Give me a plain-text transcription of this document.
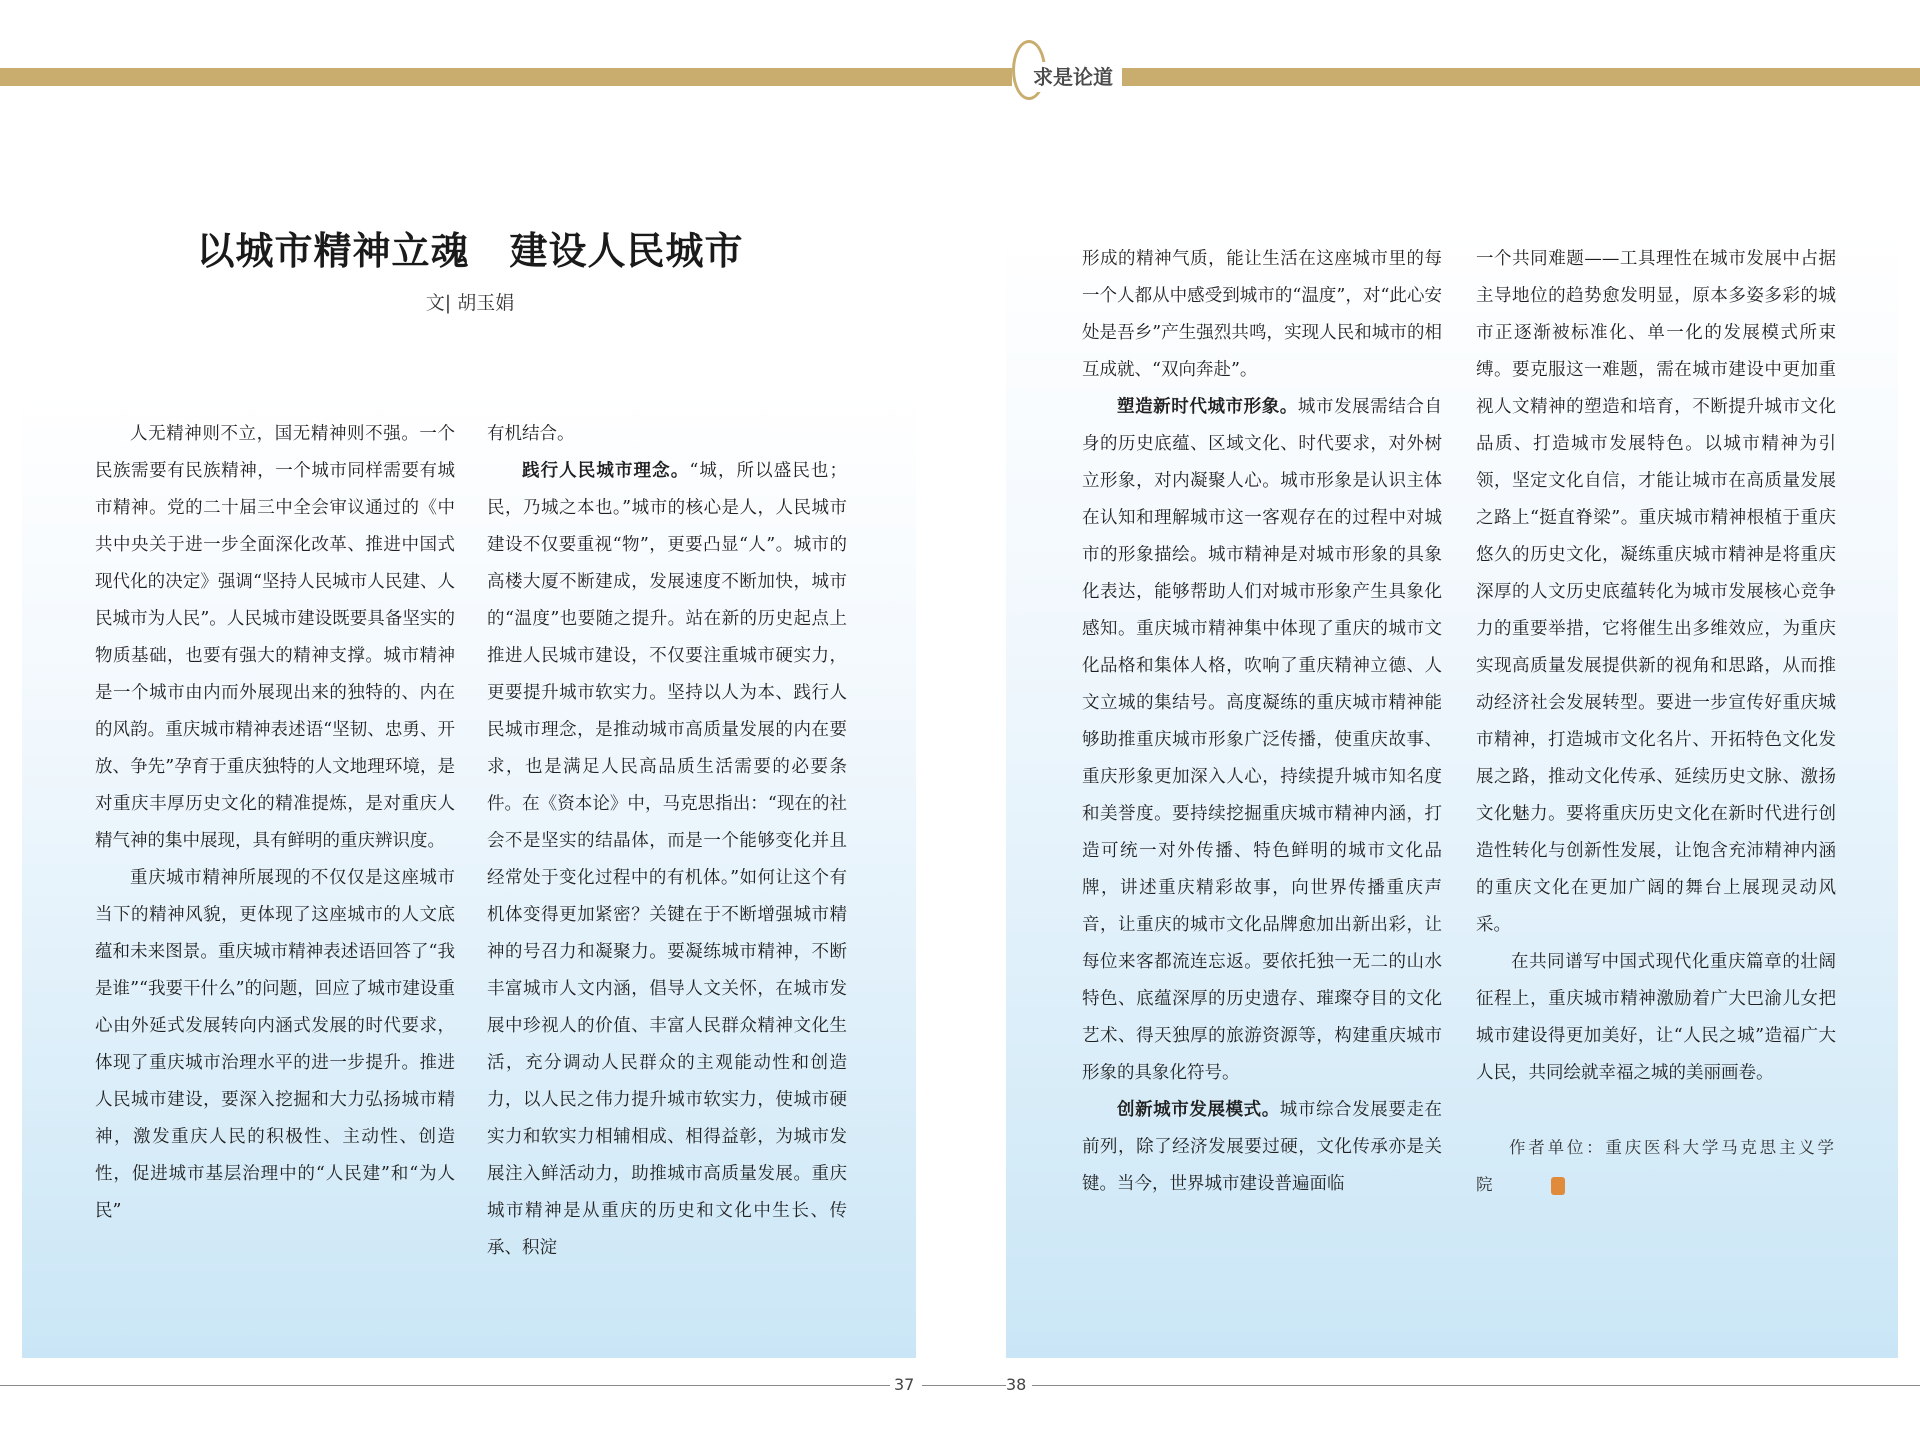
求是论道
以城市精神立魂 建设人民城市
文| 胡玉娟

人无精神则不立，国无精神则不强。一个民族需要有民族精神，一个城市同样需要有城市精神。党的二十届三中全会审议通过的《中共中央关于进一步全面深化改革、推进中国式现代化的决定》强调“坚持人民城市人民建、人民城市为人民”。人民城市建设既要具备坚实的物质基础，也要有强大的精神支撑。城市精神是一个城市由内而外展现出来的独特的、内在的风韵。重庆城市精神表述语“坚韧、忠勇、开放、争先”孕育于重庆独特的人文地理环境，是对重庆丰厚历史文化的精准提炼，是对重庆人精气神的集中展现，具有鲜明的重庆辨识度。

重庆城市精神所展现的不仅仅是这座城市当下的精神风貌，更体现了这座城市的人文底蕴和未来图景。重庆城市精神表述语回答了“我是谁”“我要干什么”的问题，回应了城市建设重心由外延式发展转向内涵式发展的时代要求，体现了重庆城市治理水平的进一步提升。推进人民城市建设，要深入挖掘和大力弘扬城市精神，激发重庆人民的积极性、主动性、创造性，促进城市基层治理中的“人民建”和“为人民”

有机结合。

践行人民城市理念。“城，所以盛民也；民，乃城之本也。”城市的核心是人，人民城市建设不仅要重视“物”，更要凸显“人”。城市的高楼大厦不断建成，发展速度不断加快，城市的“温度”也要随之提升。站在新的历史起点上推进人民城市建设，不仅要注重城市硬实力，更要提升城市软实力。坚持以人为本、践行人民城市理念，是推动城市高质量发展的内在要求，也是满足人民高品质生活需要的必要条件。在《资本论》中，马克思指出：“现在的社会不是坚实的结晶体，而是一个能够变化并且经常处于变化过程中的有机体。”如何让这个有机体变得更加紧密？关键在于不断增强城市精神的号召力和凝聚力。要凝练城市精神，不断丰富城市人文内涵，倡导人文关怀，在城市发展中珍视人的价值、丰富人民群众精神文化生活，充分调动人民群众的主观能动性和创造力，以人民之伟力提升城市软实力，使城市硬实力和软实力相辅相成、相得益彰，为城市发展注入鲜活动力，助推城市高质量发展。重庆城市精神是从重庆的历史和文化中生长、传承、积淀

形成的精神气质，能让生活在这座城市里的每一个人都从中感受到城市的“温度”，对“此心安处是吾乡”产生强烈共鸣，实现人民和城市的相互成就、“双向奔赴”。

塑造新时代城市形象。城市发展需结合自身的历史底蕴、区域文化、时代要求，对外树立形象，对内凝聚人心。城市形象是认识主体在认知和理解城市这一客观存在的过程中对城市的形象描绘。城市精神是对城市形象的具象化表达，能够帮助人们对城市形象产生具象化感知。重庆城市精神集中体现了重庆的城市文化品格和集体人格，吹响了重庆精神立德、人文立城的集结号。高度凝练的重庆城市精神能够助推重庆城市形象广泛传播，使重庆故事、重庆形象更加深入人心，持续提升城市知名度和美誉度。要持续挖掘重庆城市精神内涵，打造可统一对外传播、特色鲜明的城市文化品牌，讲述重庆精彩故事，向世界传播重庆声音，让重庆的城市文化品牌愈加出新出彩，让每位来客都流连忘返。要依托独一无二的山水特色、底蕴深厚的历史遗存、璀璨夺目的文化艺术、得天独厚的旅游资源等，构建重庆城市形象的具象化符号。

创新城市发展模式。城市综合发展要走在前列，除了经济发展要过硬，文化传承亦是关键。当今，世界城市建设普遍面临

一个共同难题——工具理性在城市发展中占据主导地位的趋势愈发明显，原本多姿多彩的城市正逐渐被标准化、单一化的发展模式所束缚。要克服这一难题，需在城市建设中更加重视人文精神的塑造和培育，不断提升城市文化品质、打造城市发展特色。以城市精神为引领，坚定文化自信，才能让城市在高质量发展之路上“挺直脊梁”。重庆城市精神根植于重庆悠久的历史文化，凝练重庆城市精神是将重庆深厚的人文历史底蕴转化为城市发展核心竞争力的重要举措，它将催生出多维效应，为重庆实现高质量发展提供新的视角和思路，从而推动经济社会发展转型。要进一步宣传好重庆城市精神，打造城市文化名片、开拓特色文化发展之路，推动文化传承、延续历史文脉、激扬文化魅力。要将重庆历史文化在新时代进行创造性转化与创新性发展，让饱含充沛精神内涵的重庆文化在更加广阔的舞台上展现灵动风采。

在共同谱写中国式现代化重庆篇章的壮阔征程上，重庆城市精神激励着广大巴渝儿女把城市建设得更加美好，让“人民之城”造福广大人民，共同绘就幸福之城的美丽画卷。

作者单位：重庆医科大学马克思主义学院
37	38
